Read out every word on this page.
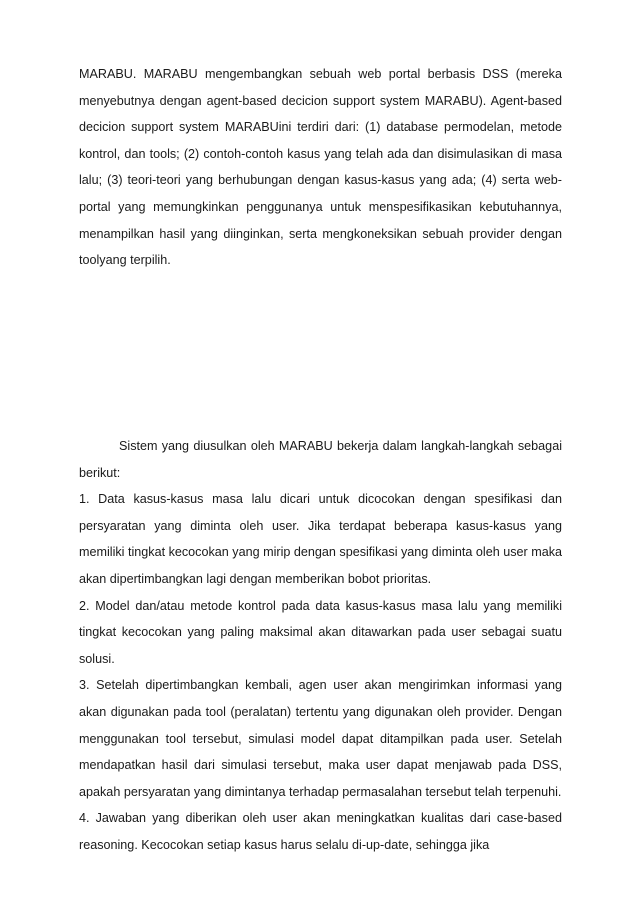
MARABU. MARABU mengembangkan sebuah web portal berbasis DSS (mereka menyebutnya dengan agent-based decicion support system MARABU). Agent-based decicion support system MARABUini terdiri dari: (1) database permodelan, metode kontrol, dan tools; (2) contoh-contoh kasus yang telah ada dan disimulasikan di masa lalu; (3) teori-teori yang berhubungan dengan kasus-kasus yang ada; (4) serta web-portal yang memungkinkan penggunanya untuk menspesifikasikan kebutuhannya, menampilkan hasil yang diinginkan, serta mengkoneksikan sebuah provider dengan toolyang terpilih.

Sistem yang diusulkan oleh MARABU bekerja dalam langkah-langkah sebagai berikut:

1. Data kasus-kasus masa lalu dicari untuk dicocokan dengan spesifikasi dan persyaratan yang diminta oleh user. Jika terdapat beberapa kasus-kasus yang memiliki tingkat kecocokan yang mirip dengan spesifikasi yang diminta oleh user maka akan dipertimbangkan lagi dengan memberikan bobot prioritas.

2. Model dan/atau metode kontrol pada data kasus-kasus masa lalu yang memiliki tingkat kecocokan yang paling maksimal akan ditawarkan pada user sebagai suatu solusi.

3. Setelah dipertimbangkan kembali, agen user akan mengirimkan informasi yang akan digunakan pada tool (peralatan) tertentu yang digunakan oleh provider. Dengan menggunakan tool tersebut, simulasi model dapat ditampilkan pada user. Setelah mendapatkan hasil dari simulasi tersebut, maka user dapat menjawab pada DSS, apakah persyaratan yang dimintanya terhadap permasalahan tersebut telah terpenuhi.

4. Jawaban yang diberikan oleh user akan meningkatkan kualitas dari case-based reasoning. Kecocokan setiap kasus harus selalu di-up-date, sehingga jika
